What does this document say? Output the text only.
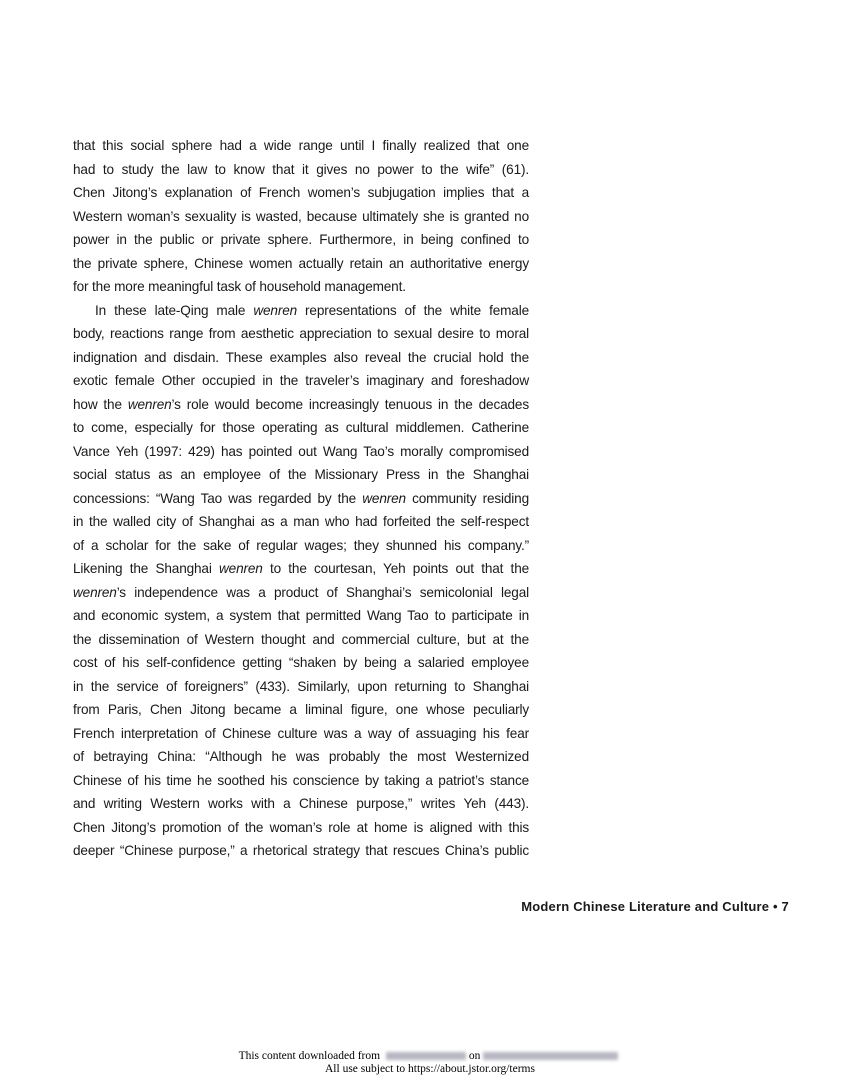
that this social sphere had a wide range until I finally realized that one
had to study the law to know that it gives no power to the wife” (61).
Chen Jitong’s explanation of French women’s subjugation implies that a
Western woman’s sexuality is wasted, because ultimately she is granted no
power in the public or private sphere. Furthermore, in being confined to
the private sphere, Chinese women actually retain an authoritative energy
for the more meaningful task of household management.
In these late-Qing male wenren representations of the white female
body, reactions range from aesthetic appreciation to sexual desire to moral
indignation and disdain. These examples also reveal the crucial hold the
exotic female Other occupied in the traveler’s imaginary and foreshadow
how the wenren’s role would become increasingly tenuous in the decades
to come, especially for those operating as cultural middlemen. Catherine
Vance Yeh (1997: 429) has pointed out Wang Tao’s morally compromised
social status as an employee of the Missionary Press in the Shanghai
concessions: “Wang Tao was regarded by the wenren community residing
in the walled city of Shanghai as a man who had forfeited the self-respect
of a scholar for the sake of regular wages; they shunned his company.”
Likening the Shanghai wenren to the courtesan, Yeh points out that the
wenren’s independence was a product of Shanghai’s semicolonial legal
and economic system, a system that permitted Wang Tao to participate in
the dissemination of Western thought and commercial culture, but at the
cost of his self-confidence getting “shaken by being a salaried employee
in the service of foreigners” (433). Similarly, upon returning to Shanghai
from Paris, Chen Jitong became a liminal figure, one whose peculiarly
French interpretation of Chinese culture was a way of assuaging his fear
of betraying China: “Although he was probably the most Westernized
Chinese of his time he soothed his conscience by taking a patriot’s stance
and writing Western works with a Chinese purpose,” writes Yeh (443).
Chen Jitong’s promotion of the woman’s role at home is aligned with this
deeper “Chinese purpose,” a rhetorical strategy that rescues China’s public
Modern Chinese Literature and Culture • 7
This content downloaded from	on
All use subject to https://about.jstor.org/terms
